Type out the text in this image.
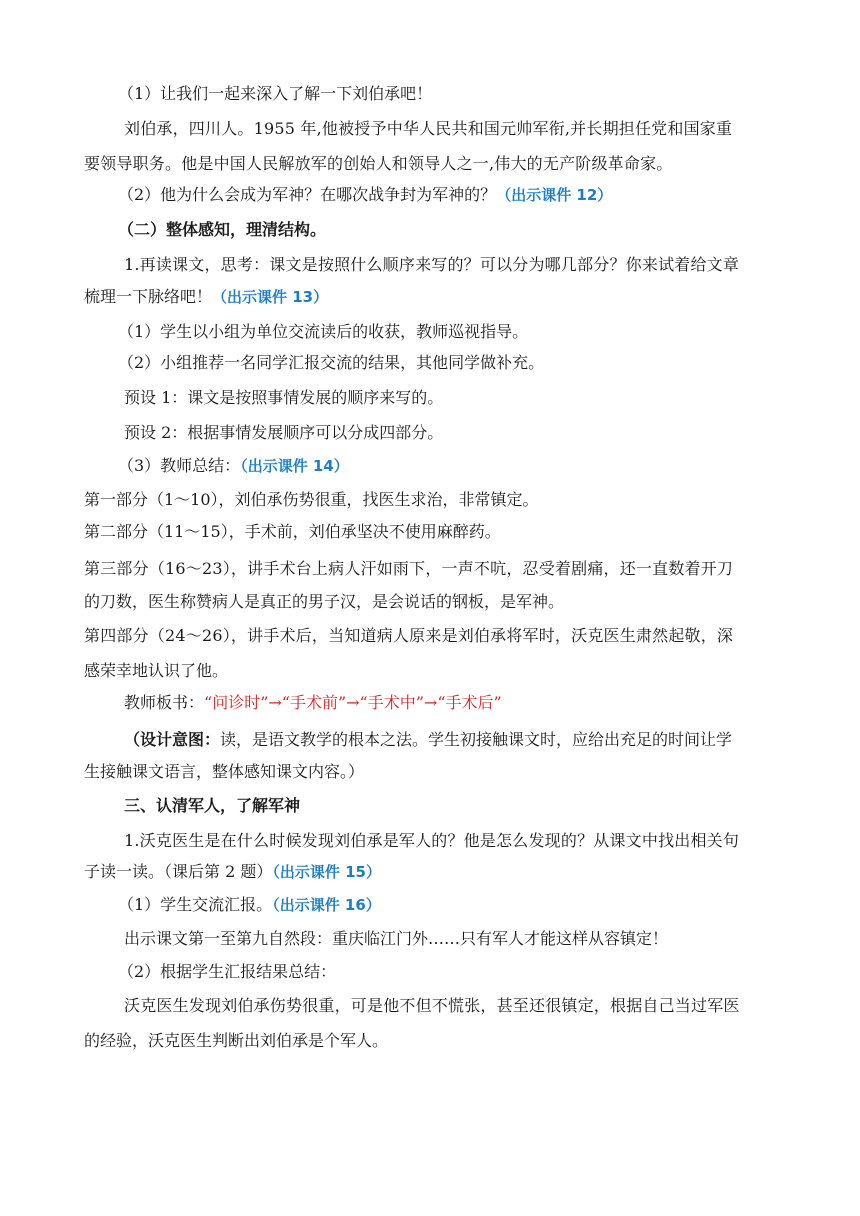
（1）让我们一起来深入了解一下刘伯承吧！
刘伯承，四川人。1955 年,他被授予中华人民共和国元帅军衔,并长期担任党和国家重
要领导职务。他是中国人民解放军的创始人和领导人之一,伟大的无产阶级革命家。
（2）他为什么会成为军神？在哪次战争封为军神的？（出示课件 12）
（二）整体感知，理清结构。
1.再读课文，思考：课文是按照什么顺序来写的？可以分为哪几部分？你来试着给文章
梳理一下脉络吧！（出示课件 13）
（1）学生以小组为单位交流读后的收获，教师巡视指导。
（2）小组推荐一名同学汇报交流的结果，其他同学做补充。
预设 1：课文是按照事情发展的顺序来写的。
预设 2：根据事情发展顺序可以分成四部分。
（3）教师总结：（出示课件 14）
第一部分（1～10），刘伯承伤势很重，找医生求治，非常镇定。
第二部分（11～15），手术前，刘伯承坚决不使用麻醉药。
第三部分（16～23），讲手术台上病人汗如雨下，一声不吭，忍受着剧痛，还一直数着开刀
的刀数，医生称赞病人是真正的男子汉，是会说话的钢板，是军神。
第四部分（24～26），讲手术后，当知道病人原来是刘伯承将军时，沃克医生肃然起敬，深
感荣幸地认识了他。
教师板书：“问诊时”→“手术前”→“手术中”→“手术后”
（设计意图：读，是语文教学的根本之法。学生初接触课文时，应给出充足的时间让学
生接触课文语言，整体感知课文内容。）
三、认清军人，了解军神
1.沃克医生是在什么时候发现刘伯承是军人的？他是怎么发现的？从课文中找出相关句
子读一读。（课后第 2 题）（出示课件 15）
（1）学生交流汇报。（出示课件 16）
出示课文第一至第九自然段：重庆临江门外……只有军人才能这样从容镇定！
（2）根据学生汇报结果总结：
沃克医生发现刘伯承伤势很重，可是他不但不慌张，甚至还很镇定，根据自己当过军医
的经验，沃克医生判断出刘伯承是个军人。
